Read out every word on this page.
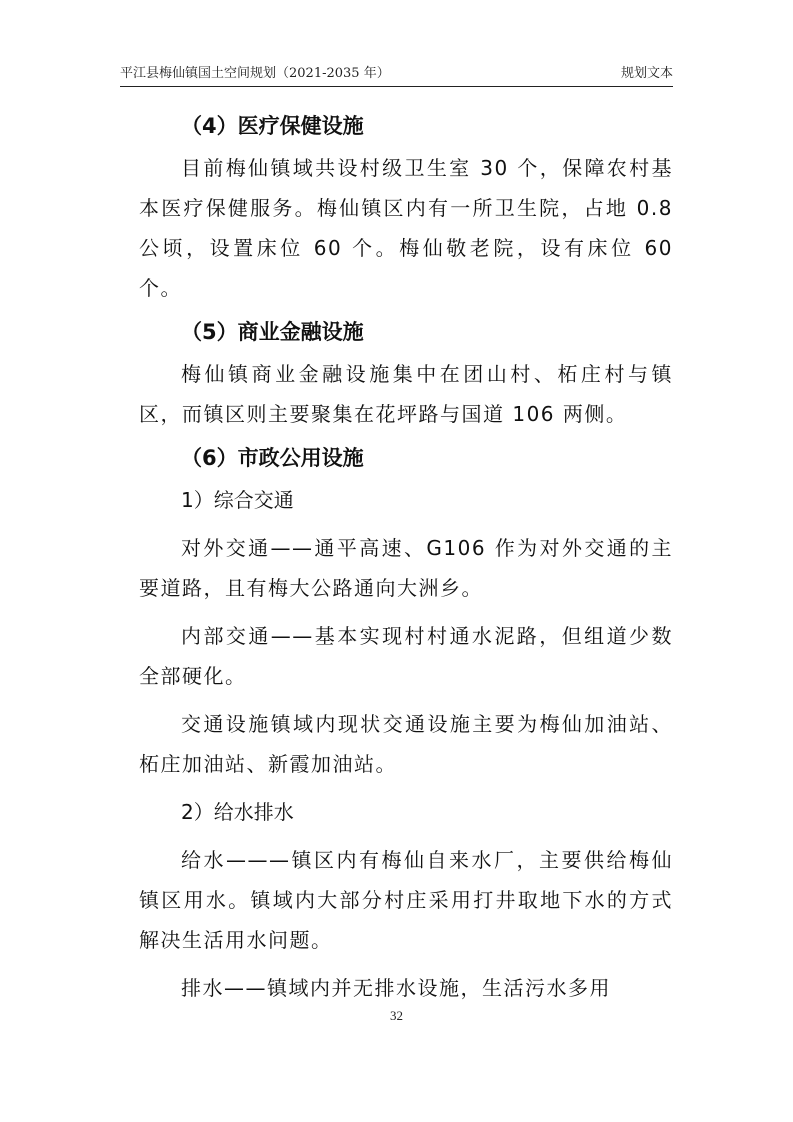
平江县梅仙镇国土空间规划（2021-2035 年）	规划文本
（4）医疗保健设施

目前梅仙镇域共设村级卫生室 30 个，保障农村基本医疗保健服务。梅仙镇区内有一所卫生院，占地 0.8 公顷，设置床位 60 个。梅仙敬老院，设有床位 60 个。

（5）商业金融设施

梅仙镇商业金融设施集中在团山村、柘庄村与镇区，而镇区则主要聚集在花坪路与国道 106 两侧。

（6）市政公用设施
1）综合交通

对外交通——通平高速、G106 作为对外交通的主要道路，且有梅大公路通向大洲乡。

内部交通——基本实现村村通水泥路，但组道少数全部硬化。

交通设施镇域内现状交通设施主要为梅仙加油站、柘庄加油站、新霞加油站。

2）给水排水

给水———镇区内有梅仙自来水厂，主要供给梅仙镇区用水。镇域内大部分村庄采用打井取地下水的方式解决生活用水问题。

排水——镇域内并无排水设施，生活污水多用

32
